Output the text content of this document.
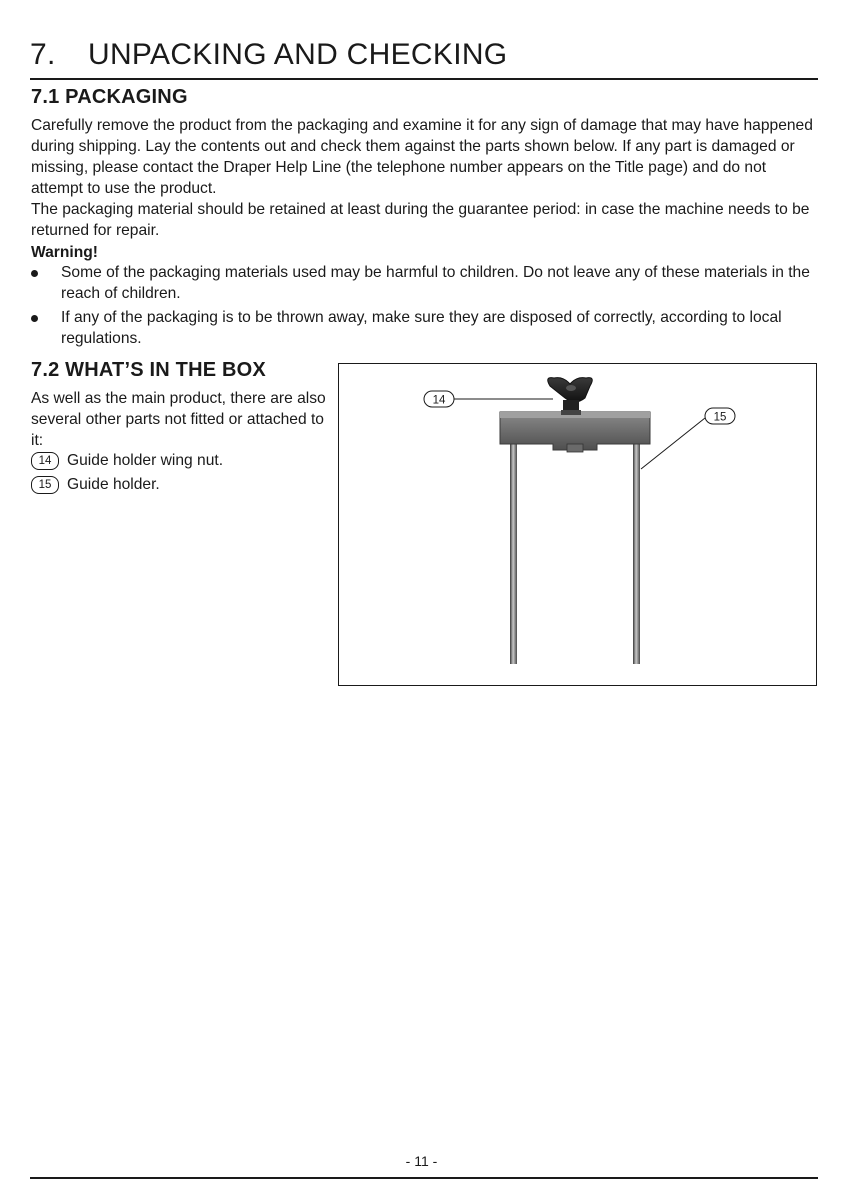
7. UNPACKING AND CHECKING
7.1 PACKAGING

Carefully remove the product from the packaging and examine it for any sign of damage that may have happened during shipping. Lay the contents out and check them against the parts shown below. If any part is damaged or missing, please contact the Draper Help Line (the telephone number appears on the Title page) and do not attempt to use the product.

The packaging material should be retained at least during the guarantee period: in case the machine needs to be returned for repair.

Warning!

Some of the packaging materials used may be harmful to children. Do not leave any of these materials in the reach of children.
If any of the packaging is to be thrown away, make sure they are disposed of correctly, according to local regulations.
7.2 WHAT’S IN THE BOX

As well as the main product, there are also several other parts not fitted or attached to it:

14	Guide holder wing nut.
15	Guide holder.
14
15
- 11 -
